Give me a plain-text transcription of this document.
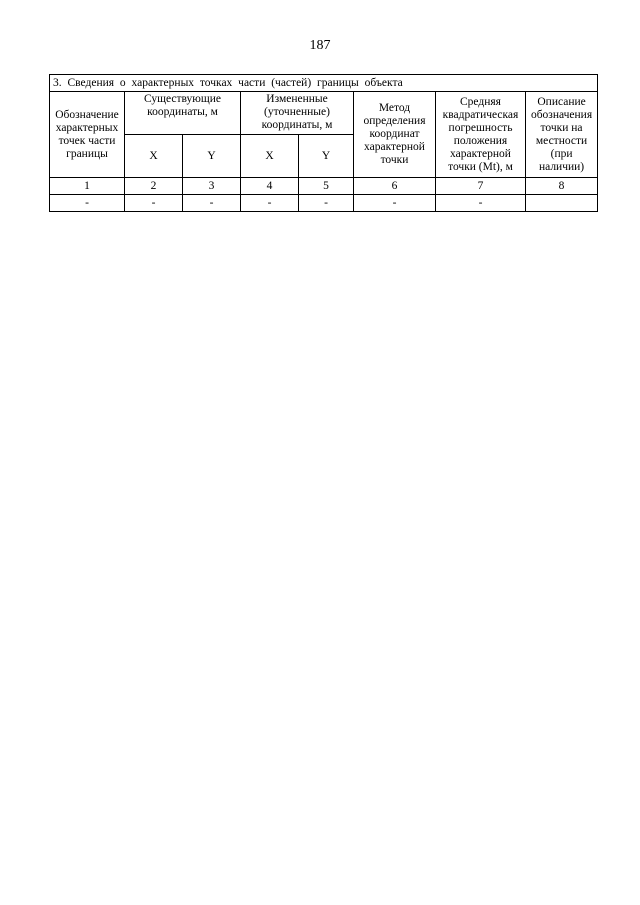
187
3. Сведения о характерных точках части (частей) границы объекта							
Обозначение характерных точек части границы	Существующие координаты, м		Измененные (уточненные) координаты, м		Метод определения координат характерной точки	Средняя квадратическая погрешность положения характерной точки (Mt), м	Описание обозначения точки на местности (при наличии)
	X	Y	X	Y			
1	2	3	4	5	6	7	8
-	-	-	-	-	-	-	
